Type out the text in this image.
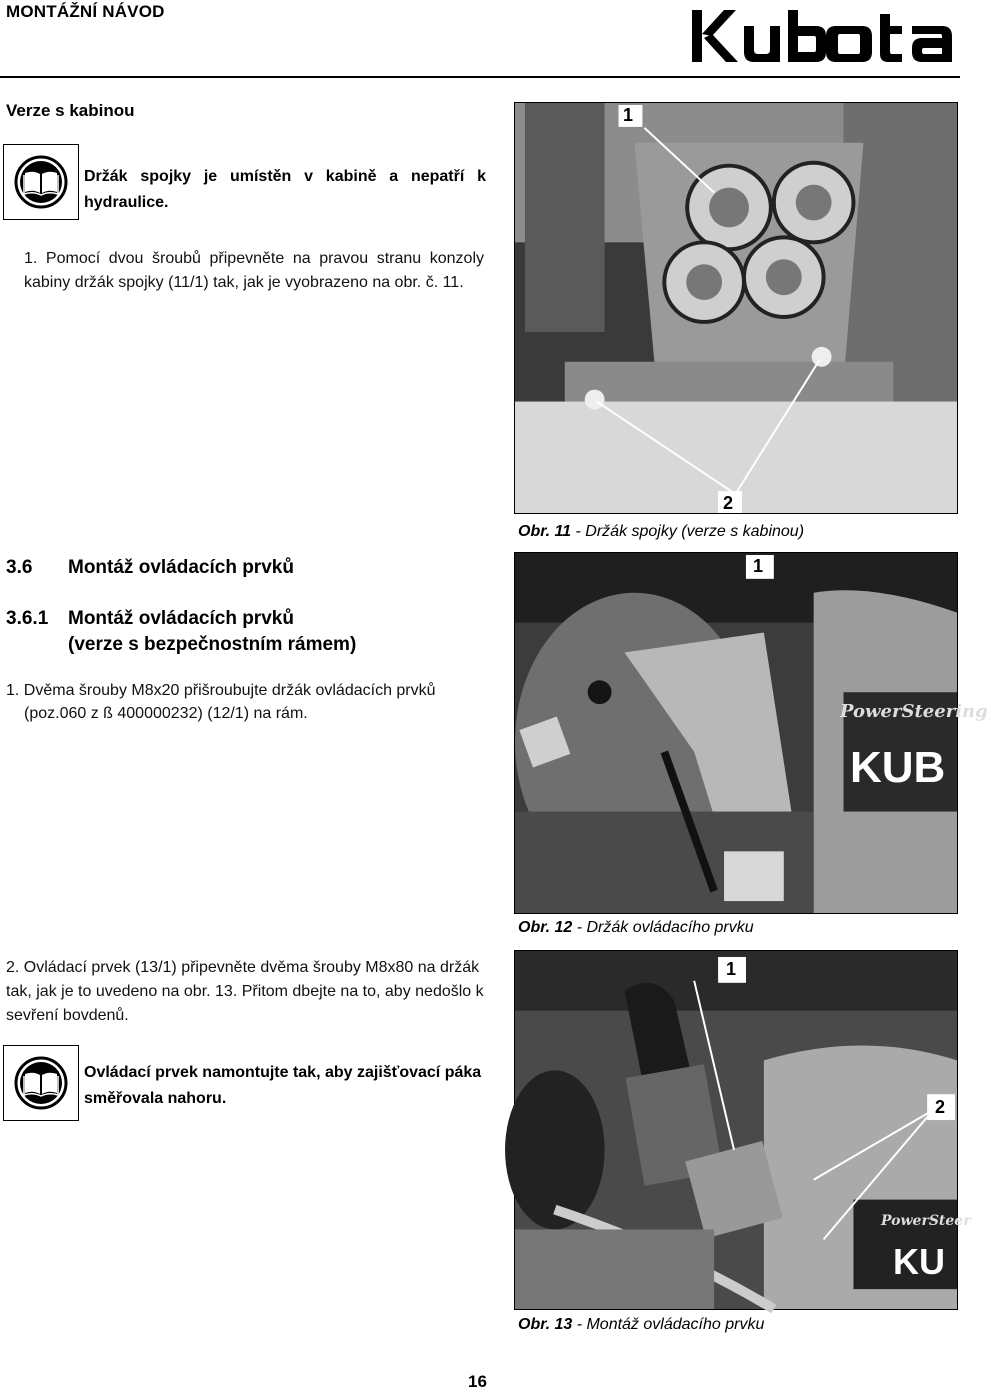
MONTÁŽNÍ NÁVOD
Verze s kabinou
Držák spojky je umístěn v kabině a nepatří k hydraulice.
1. Pomocí dvou šroubů připevněte na pravou stranu konzoly kabiny držák spojky (11/1) tak, jak je vyobrazeno na obr. č. 11.
1
2
Obr. 11 - Držák spojky (verze s kabinou)
3.6 Montáž ovládacích prvků
3.6.1 Montáž ovládacích prvků
(verze s bezpečnostním rámem)
1. Dvěma šrouby M8x20 přišroubujte držák ovládacích prvků
(poz.060 z ß 400000232) (12/1) na rám.
1
PowerSteering
KUB
Obr. 12 - Držák ovládacího prvku
2. Ovládací prvek (13/1) připevněte dvěma šrouby M8x80 na držák tak, jak je to uvedeno na obr. 13. Přitom dbejte na to, aby nedošlo k sevření bovdenů.
Ovládací prvek namontujte tak, aby zajišťovací páka směřovala nahoru.
1
2
PowerSteer
KU
Obr. 13 - Montáž ovládacího prvku
16
